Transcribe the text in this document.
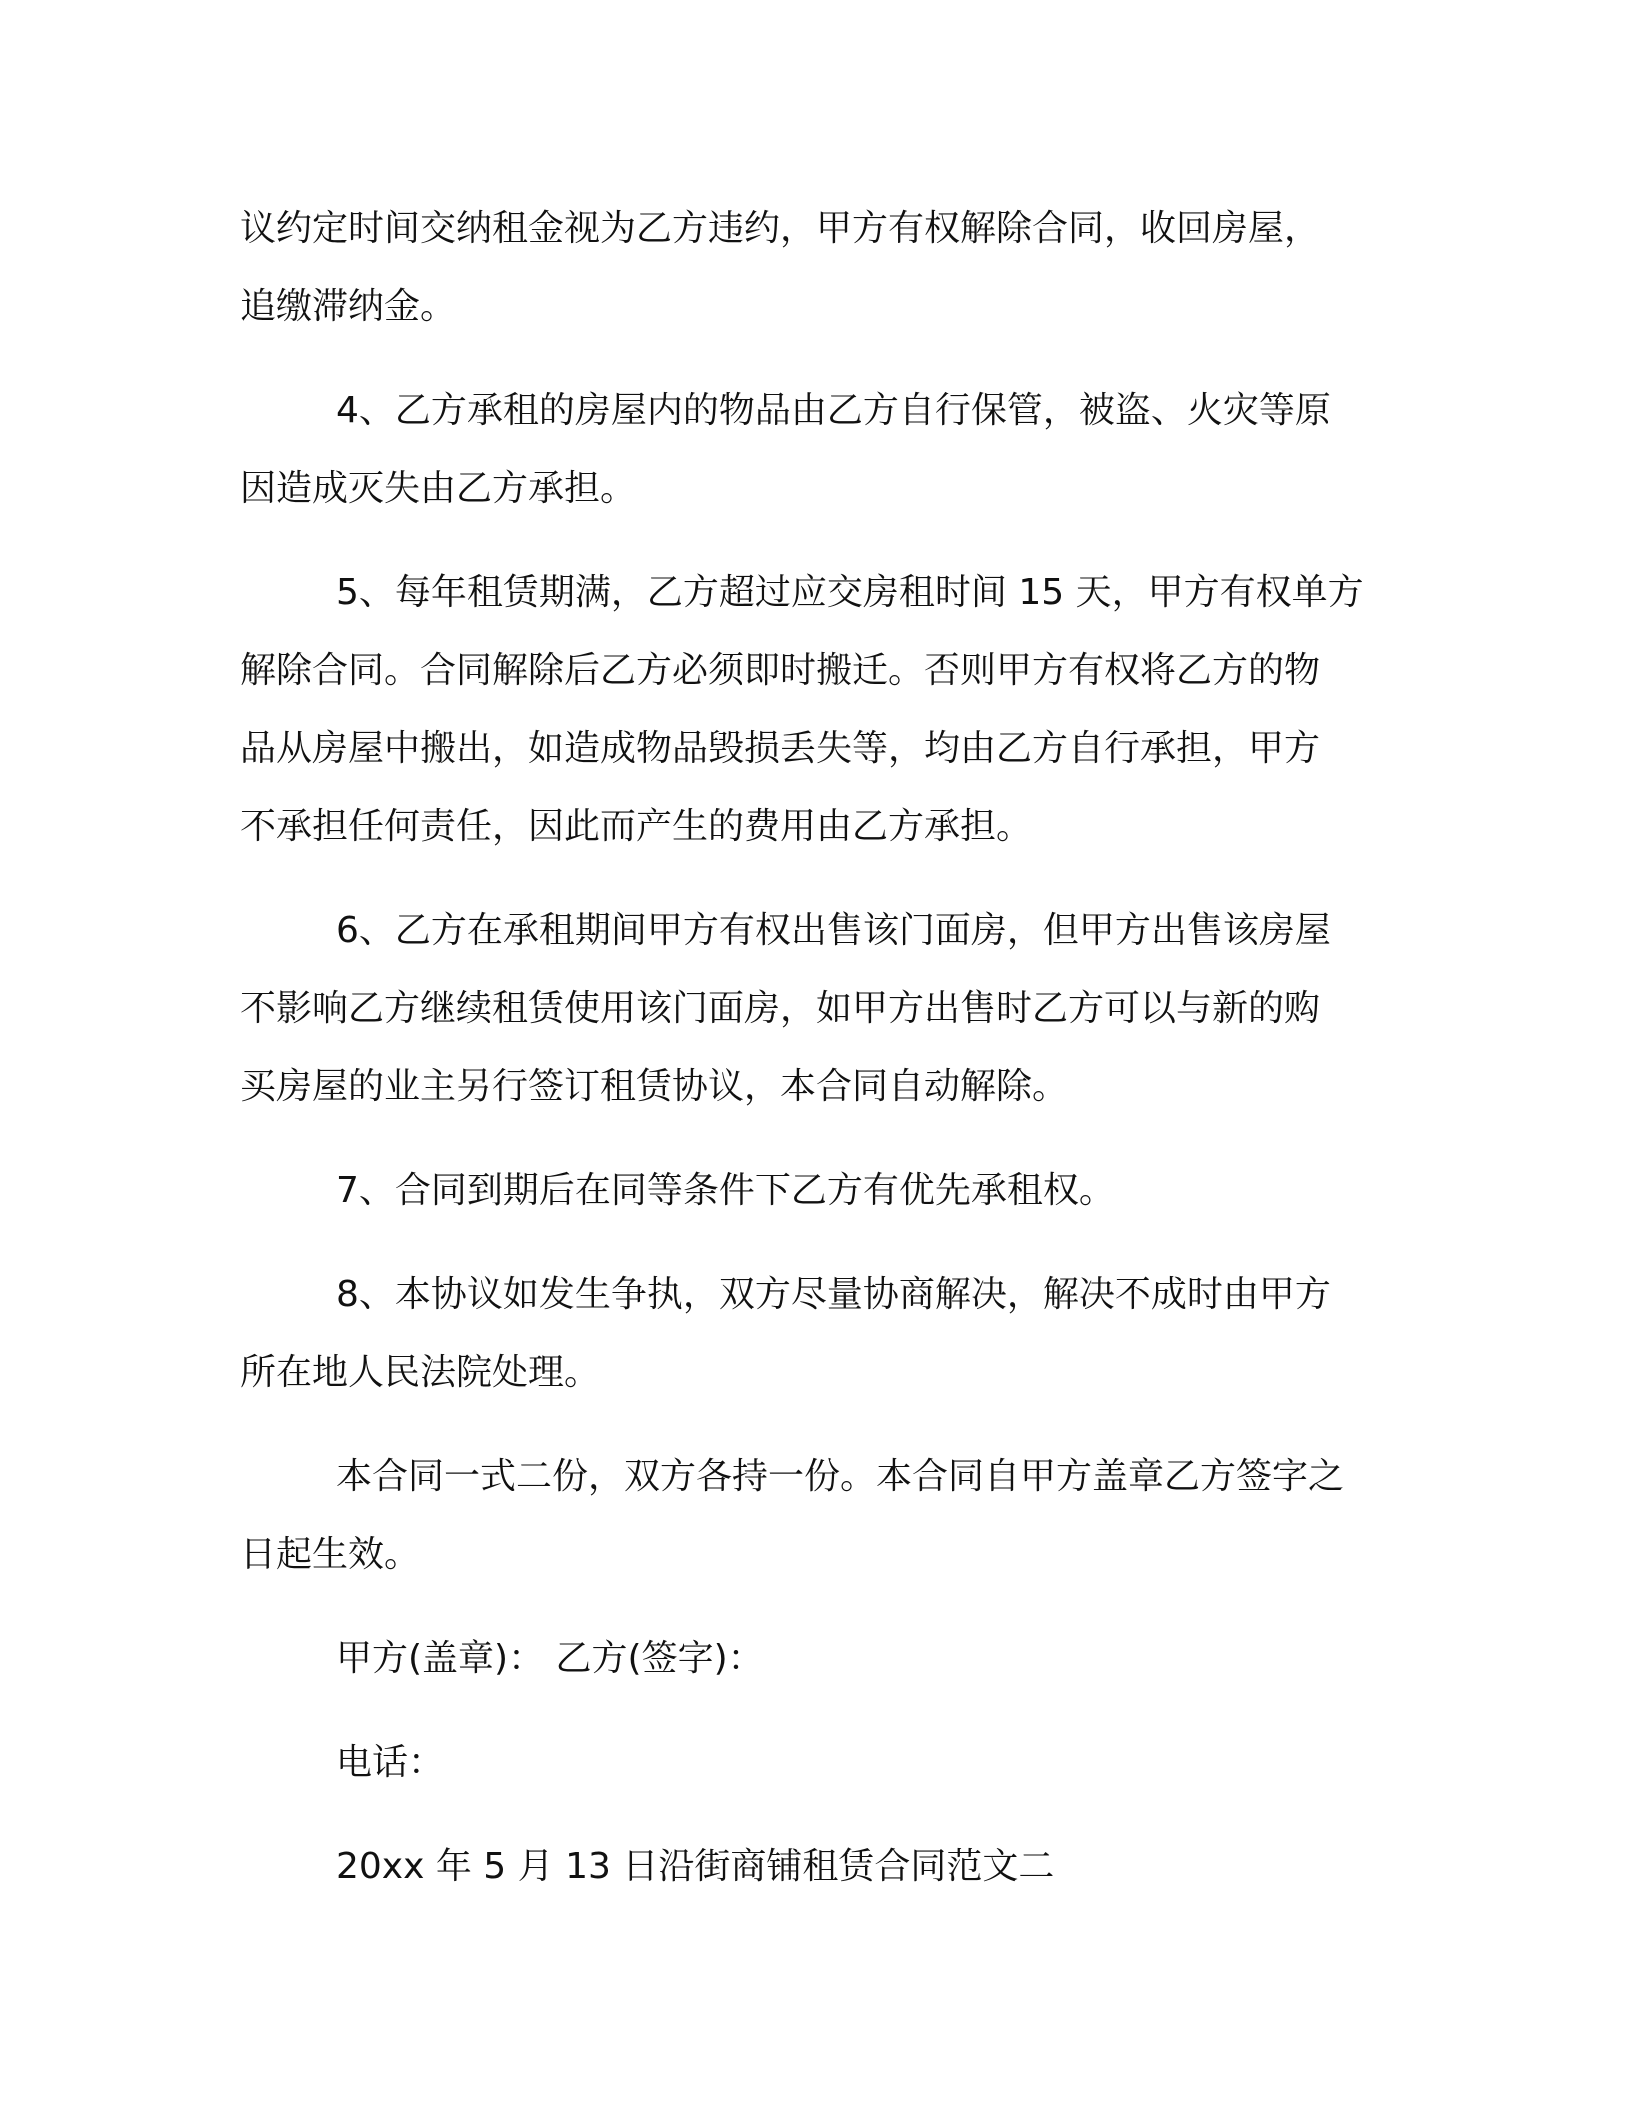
议约定时间交纳租金视为乙方违约，甲方有权解除合同，收回房屋，
追缴滞纳金。

4、乙方承租的房屋内的物品由乙方自行保管，被盗、火灾等原
因造成灭失由乙方承担。

5、每年租赁期满，乙方超过应交房租时间 15 天，甲方有权单方
解除合同。合同解除后乙方必须即时搬迁。否则甲方有权将乙方的物
品从房屋中搬出，如造成物品毁损丢失等，均由乙方自行承担，甲方
不承担任何责任，因此而产生的费用由乙方承担。

6、乙方在承租期间甲方有权出售该门面房，但甲方出售该房屋
不影响乙方继续租赁使用该门面房，如甲方出售时乙方可以与新的购
买房屋的业主另行签订租赁协议，本合同自动解除。

7、合同到期后在同等条件下乙方有优先承租权。

8、本协议如发生争执，双方尽量协商解决，解决不成时由甲方
所在地人民法院处理。

本合同一式二份，双方各持一份。本合同自甲方盖章乙方签字之
日起生效。

甲方(盖章)： 乙方(签字)：

电话：

20xx 年 5 月 13 日沿街商铺租赁合同范文二
